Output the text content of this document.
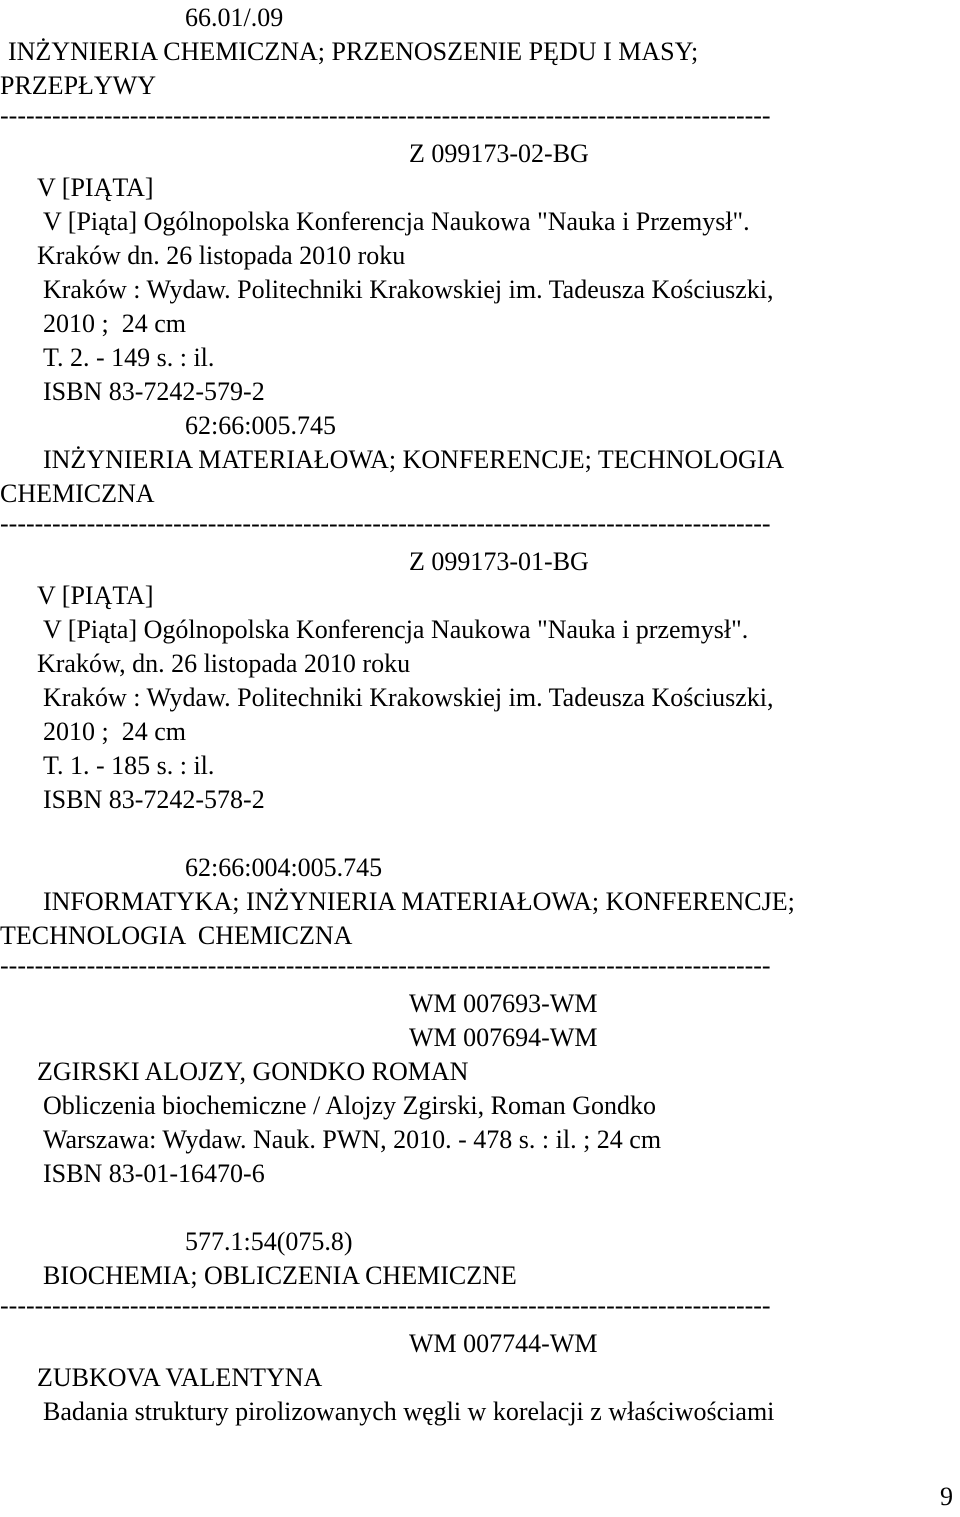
66.01/.09
INŻYNIERIA CHEMICZNA; PRZENOSZENIE PĘDU I MASY;
PRZEPŁYWY
-----------------------------------------------------------------------------------------
Z 099173-02-BG
V [PIĄTA]
V [Piąta] Ogólnopolska Konferencja Naukowa "Nauka i Przemysł".
Kraków dn. 26 listopada 2010 roku
Kraków : Wydaw. Politechniki Krakowskiej im. Tadeusza Kościuszki,
2010 ;  24 cm
T. 2. - 149 s. : il.
ISBN 83-7242-579-2
62:66:005.745
INŻYNIERIA MATERIAŁOWA; KONFERENCJE; TECHNOLOGIA
CHEMICZNA
-----------------------------------------------------------------------------------------
Z 099173-01-BG
V [PIĄTA]
V [Piąta] Ogólnopolska Konferencja Naukowa "Nauka i przemysł".
Kraków, dn. 26 listopada 2010 roku
Kraków : Wydaw. Politechniki Krakowskiej im. Tadeusza Kościuszki,
2010 ;  24 cm
T. 1. - 185 s. : il.
ISBN 83-7242-578-2
62:66:004:005.745
INFORMATYKA; INŻYNIERIA MATERIAŁOWA; KONFERENCJE;
TECHNOLOGIA  CHEMICZNA
-----------------------------------------------------------------------------------------
WM 007693-WM
WM 007694-WM
ZGIRSKI ALOJZY, GONDKO ROMAN
Obliczenia biochemiczne / Alojzy Zgirski, Roman Gondko
Warszawa: Wydaw. Nauk. PWN, 2010. - 478 s. : il. ; 24 cm
ISBN 83-01-16470-6
577.1:54(075.8)
BIOCHEMIA; OBLICZENIA CHEMICZNE
-----------------------------------------------------------------------------------------
WM 007744-WM
ZUBKOVA VALENTYNA
Badania struktury pirolizowanych węgli w korelacji z właściwościami
9
